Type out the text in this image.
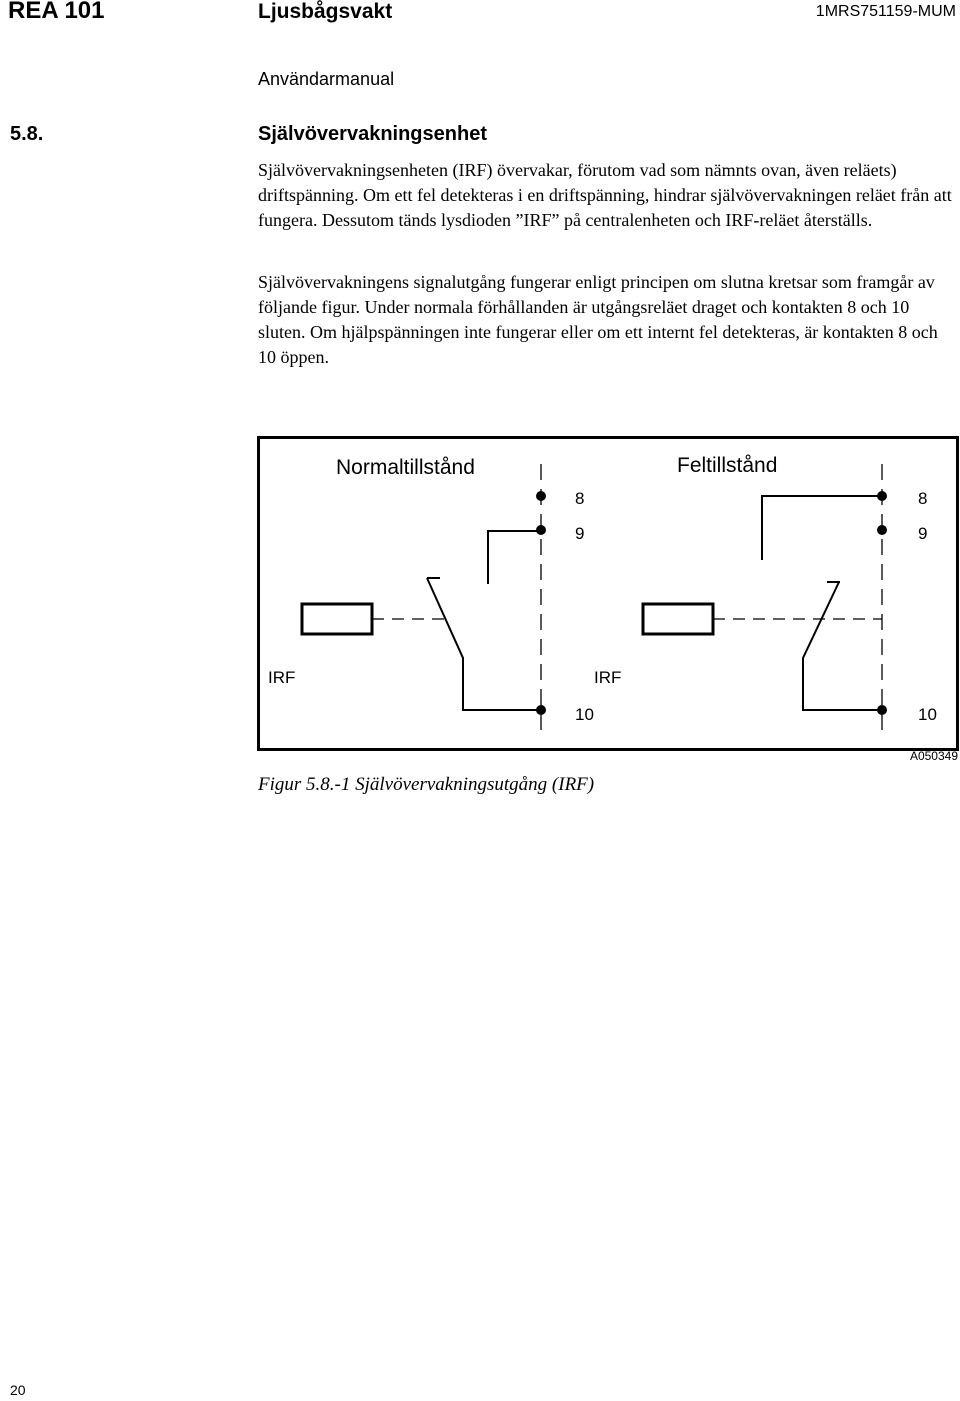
REA 101	Ljusbågsvakt	1MRS751159-MUM
Användarmanual
5.8.	Självövervakningsenhet

Självövervakningsenheten (IRF) övervakar, förutom vad som nämnts ovan, även reläets) driftspänning. Om ett fel detekteras i en driftspänning, hindrar självövervakningen reläet från att fungera. Dessutom tänds lysdioden ”IRF” på centralenheten och IRF-reläet återställs.

Självövervakningens signalutgång fungerar enligt principen om slutna kretsar som framgår av följande figur. Under normala förhållanden är utgångsreläet draget och kontakten 8 och 10 sluten. Om hjälpspänningen inte fungerar eller om ett internt fel detekteras, är kontakten 8 och 10 öppen.

Normaltillstånd
8
9
10
IRF
Feltillstånd
8
9
10
IRF
A050349
Figur 5.8.-1 Självövervakningsutgång (IRF)
20
